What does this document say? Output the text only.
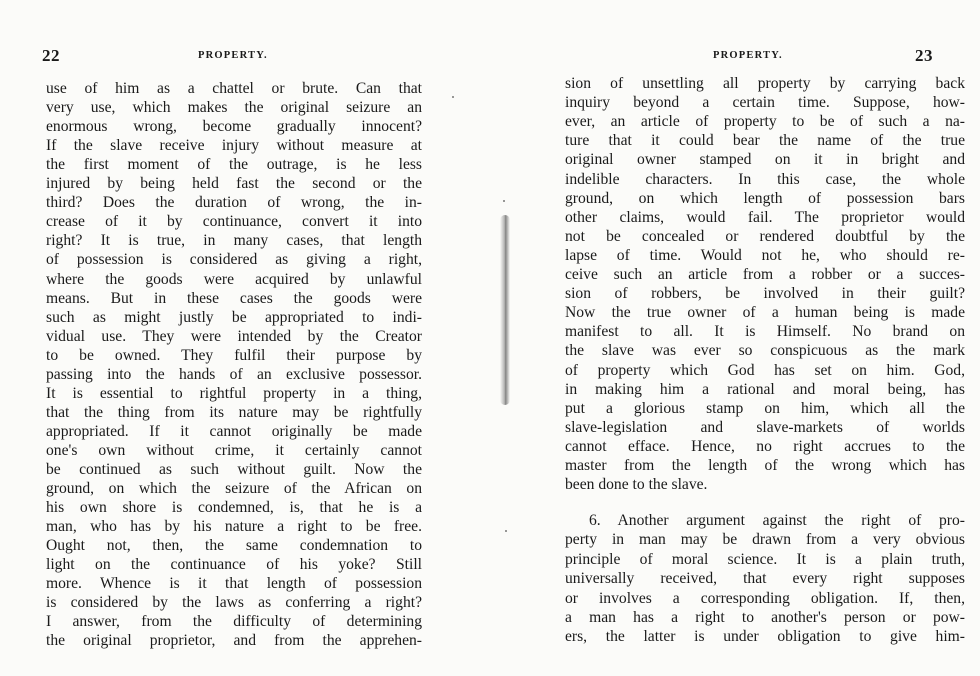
22	PROPERTY.
use of him as a chattel or brute. Can that
very use, which makes the original seizure an
enormous wrong, become gradually innocent?
If the slave receive injury without measure at
the first moment of the outrage, is he less
injured by being held fast the second or the
third? Does the duration of wrong, the in-
crease of it by continuance, convert it into
right? It is true, in many cases, that length
of possession is considered as giving a right,
where the goods were acquired by unlawful
means. But in these cases the goods were
such as might justly be appropriated to indi-
vidual use. They were intended by the Creator
to be owned. They fulfil their purpose by
passing into the hands of an exclusive possessor.
It is essential to rightful property in a thing,
that the thing from its nature may be rightfully
appropriated. If it cannot originally be made
one's own without crime, it certainly cannot
be continued as such without guilt. Now the
ground, on which the seizure of the African on
his own shore is condemned, is, that he is a
man, who has by his nature a right to be free.
Ought not, then, the same condemnation to
light on the continuance of his yoke? Still
more. Whence is it that length of possession
is considered by the laws as conferring a right?
I answer, from the difficulty of determining
the original proprietor, and from the apprehen-
PROPERTY.	23
sion of unsettling all property by carrying back
inquiry beyond a certain time. Suppose, how-
ever, an article of property to be of such a na-
ture that it could bear the name of the true
original owner stamped on it in bright and
indelible characters. In this case, the whole
ground, on which length of possession bars
other claims, would fail. The proprietor would
not be concealed or rendered doubtful by the
lapse of time. Would not he, who should re-
ceive such an article from a robber or a succes-
sion of robbers, be involved in their guilt?
Now the true owner of a human being is made
manifest to all. It is Himself. No brand on
the slave was ever so conspicuous as the mark
of property which God has set on him. God,
in making him a rational and moral being, has
put a glorious stamp on him, which all the
slave-legislation and slave-markets of worlds
cannot efface. Hence, no right accrues to the
master from the length of the wrong which has
been done to the slave.
6. Another argument against the right of pro-
perty in man may be drawn from a very obvious
principle of moral science. It is a plain truth,
universally received, that every right supposes
or involves a corresponding obligation. If, then,
a man has a right to another's person or pow-
ers, the latter is under obligation to give him-
